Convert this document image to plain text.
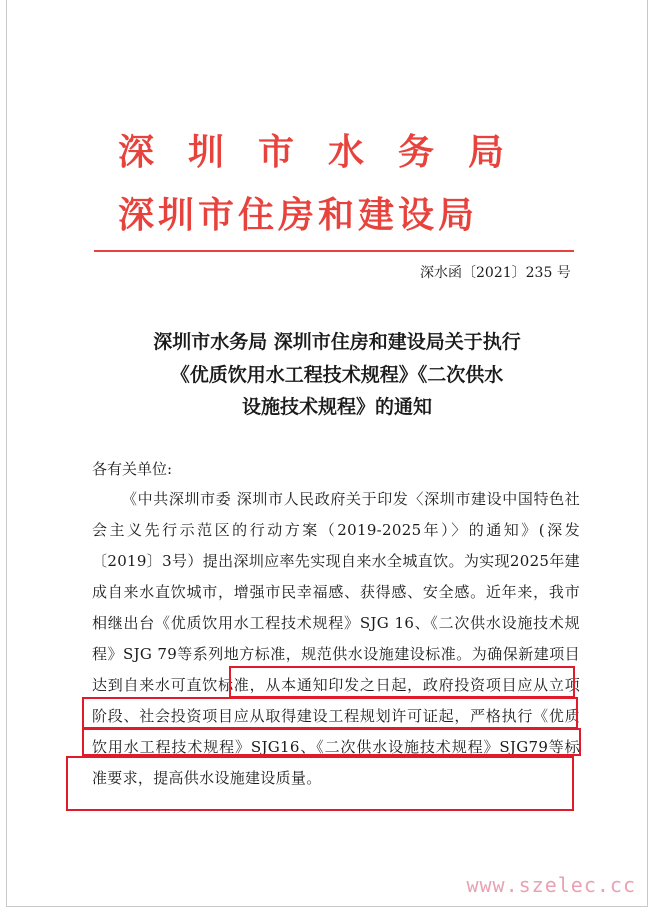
深圳市水务局
深圳市住房和建设局
深水函〔2021〕235 号
深圳市水务局 深圳市住房和建设局关于执行
《优质饮用水工程技术规程》《二次供水
设施技术规程》的通知
各有关单位:

《中共深圳市委 深圳市人民政府关于印发〈深圳市建设中国特色社会主义先行示范区的行动方案（2019-2025年）〉的通知》(深发〔2019〕3号）提出深圳应率先实现自来水全城直饮。为实现2025年建成自来水直饮城市，增强市民幸福感、获得感、安全感。近年来，我市相继出台《优质饮用水工程技术规程》SJG 16、《二次供水设施技术规程》SJG 79等系列地方标准，规范供水设施建设标准。为确保新建项目达到自来水可直饮标准，从本通知印发之日起，政府投资项目应从立项阶段、社会投资项目应从取得建设工程规划许可证起，严格执行《优质饮用水工程技术规程》SJG16、《二次供水设施技术规程》SJG79等标准要求，提高供水设施建设质量。

www.szelec.cc
